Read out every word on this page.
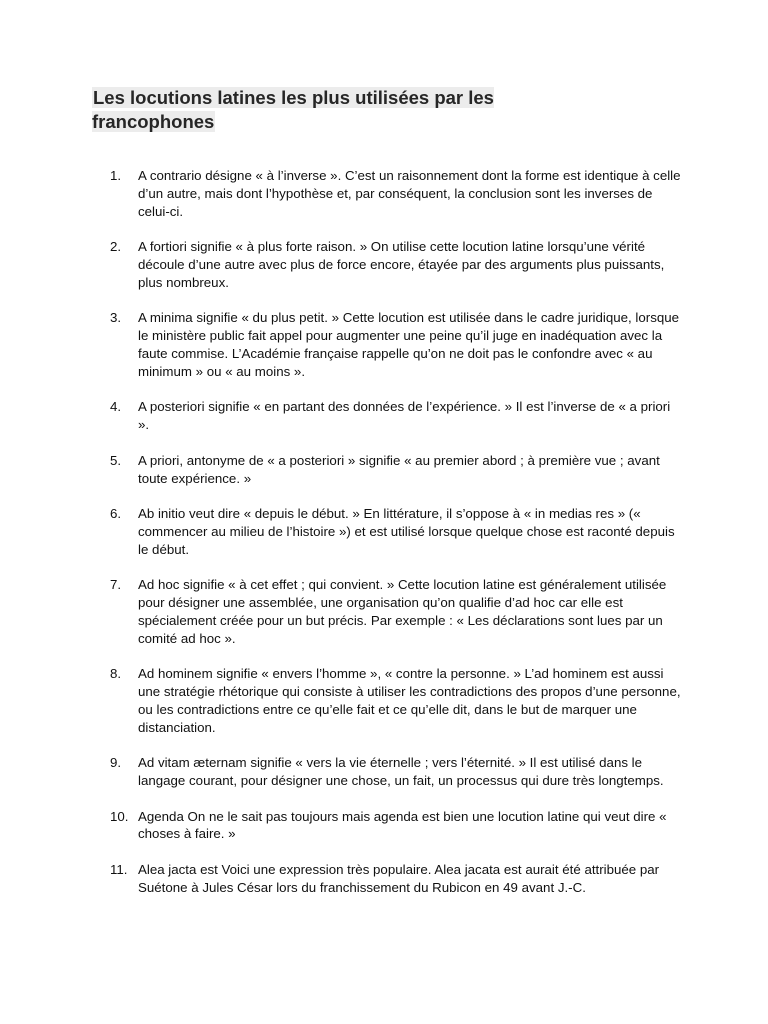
Les locutions latines les plus utilisées par les francophones
1.	A contrario désigne « à l’inverse ». C’est un raisonnement dont la forme est identique à celle d’un autre, mais dont l’hypothèse et, par conséquent, la conclusion sont les inverses de celui-ci.
2.	A fortiori signifie « à plus forte raison. » On utilise cette locution latine lorsqu’une vérité découle d’une autre avec plus de force encore, étayée par des arguments plus puissants, plus nombreux.
3.	A minima signifie « du plus petit. » Cette locution est utilisée dans le cadre juridique, lorsque le ministère public fait appel pour augmenter une peine qu’il juge en inadéquation avec la faute commise. L’Académie française rappelle qu’on ne doit pas le confondre avec « au minimum » ou « au moins ».
4.	A posteriori signifie « en partant des données de l’expérience. » Il est l’inverse de « a priori ».
5.	A priori, antonyme de « a posteriori » signifie « au premier abord ; à première vue ; avant toute expérience. »
6.	Ab initio veut dire « depuis le début. » En littérature, il s’oppose à « in medias res » (« commencer au milieu de l’histoire ») et est utilisé lorsque quelque chose est raconté depuis le début.
7.	Ad hoc signifie « à cet effet ; qui convient. » Cette locution latine est généralement utilisée pour désigner une assemblée, une organisation qu’on qualifie d’ad hoc car elle est spécialement créée pour un but précis. Par exemple : « Les déclarations sont lues par un comité ad hoc ».
8.	Ad hominem signifie « envers l’homme », « contre la personne. » L’ad hominem est aussi une stratégie rhétorique qui consiste à utiliser les contradictions des propos d’une personne, ou les contradictions entre ce qu’elle fait et ce qu’elle dit, dans le but de marquer une distanciation.
9.	Ad vitam æternam signifie « vers la vie éternelle ; vers l’éternité. » Il est utilisé dans le langage courant, pour désigner une chose, un fait, un processus qui dure très longtemps.
10. Agenda On ne le sait pas toujours mais agenda est bien une locution latine qui veut dire « choses à faire. »
11. Alea jacta est Voici une expression très populaire. Alea jacata est aurait été attribuée par Suétone à Jules César lors du franchissement du Rubicon en 49 avant J.-C.
